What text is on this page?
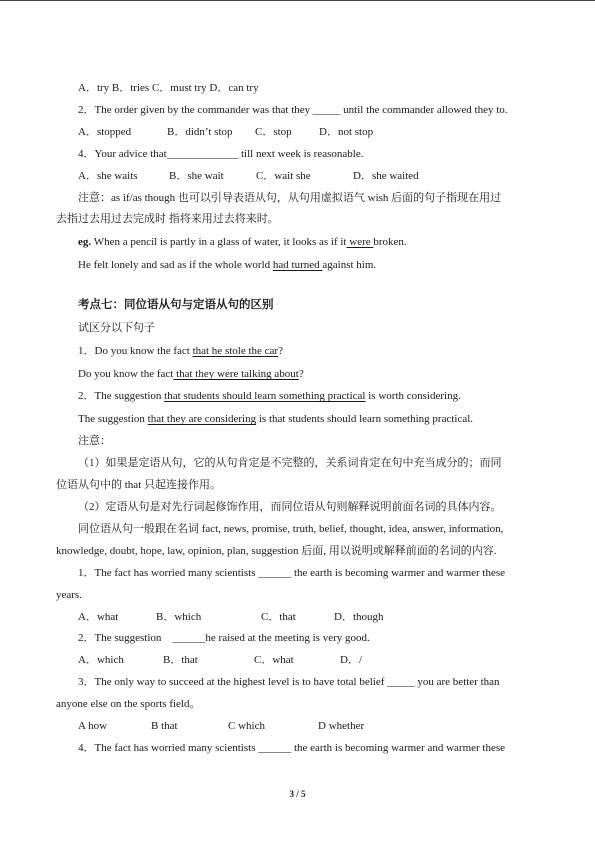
A．try B．tries C．must try D．can try
2．The order given by the commander was that they _____ until the commander allowed they to.
A．stopped	B．didn’t stop C．stop D．not stop
4．Your advice that_____________ till next week is reasonable.
A．she waits	B．she wait	C．wait she	D．she waited
注意：as if/as though 也可以引导表语从句，从句用虚拟语气 wish 后面的句子指现在用过
去指过去用过去完成时 指将来用过去将来时。
eg. When a pencil is partly in a glass of water, it looks as if it were broken.
He felt lonely and sad as if the whole world had turned against him.
考点七：同位语从句与定语从句的区别
试区分以下句子
1．Do you know the fact that he stole the car?
Do you know the fact that they were talking about?
2．The suggestion that students should learn something practical is worth considering.
The suggestion that they are considering is that students should learn something practical.
注意：
（1）如果是定语从句，它的从句肯定是不完整的，关系词肯定在句中充当成分的；而同
位语从句中的 that 只起连接作用。
（2）定语从句是对先行词起修饰作用，而同位语从句则解释说明前面名词的具体内容。
同位语从句一般跟在名词 fact, news, promise, truth, belief, thought, idea, answer, information,
knowledge, doubt, hope, law, opinion, plan, suggestion 后面, 用以说明或解释前面的名词的内容.
1．The fact has worried many scientists ______ the earth is becoming warmer and warmer these
years.
A．what	B．which	C．that	D．though
2．The suggestion    ______he raised at the meeting is very good.
A．which	B．that	C．what	D．/
3．The only way to succeed at the highest level is to have total belief _____ you are better than
anyone else on the sports field。
A how	B that	C which	D whether
4．The fact has worried many scientists ______ the earth is becoming warmer and warmer these
3 / 5
